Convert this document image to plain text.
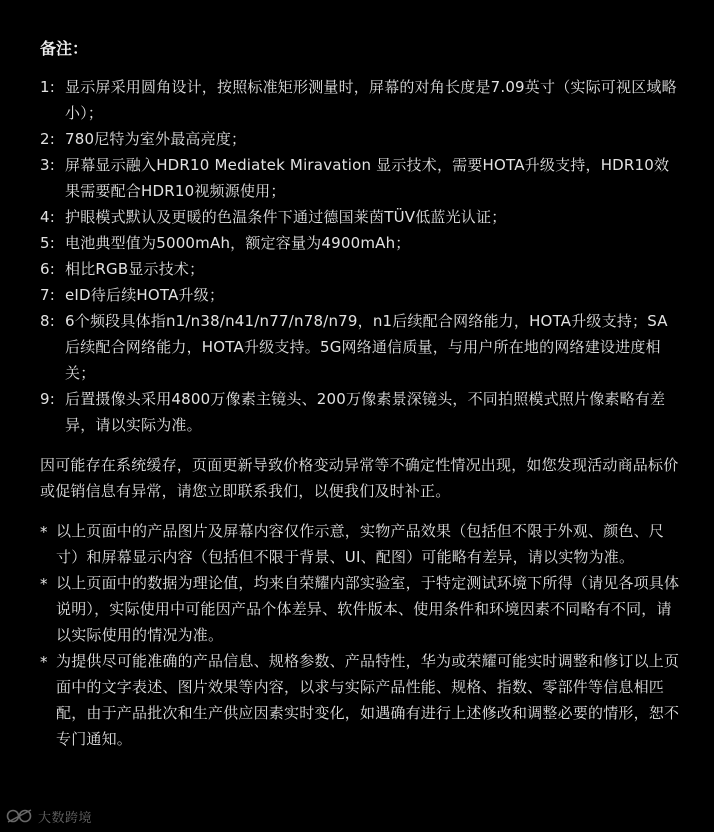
备注：
1: 显示屏采用圆角设计，按照标准矩形测量时，屏幕的对角长度是7.09英寸（实际可视区域略小）；
2: 780尼特为室外最高亮度；
3: 屏幕显示融入HDR10 Mediatek Miravation 显示技术，需要HOTA升级支持，HDR10效果需要配合HDR10视频源使用；
4: 护眼模式默认及更暖的色温条件下通过德国莱茵TÜV低蓝光认证；
5: 电池典型值为5000mAh，额定容量为4900mAh；
6: 相比RGB显示技术；
7: eID待后续HOTA升级；
8: 6个频段具体指n1/n38/n41/n77/n78/n79，n1后续配合网络能力，HOTA升级支持；SA后续配合网络能力，HOTA升级支持。5G网络通信质量，与用户所在地的网络建设进度相关；
9: 后置摄像头采用4800万像素主镜头、200万像素景深镜头，不同拍照模式照片像素略有差异，请以实际为准。

因可能存在系统缓存，页面更新导致价格变动异常等不确定性情况出现，如您发现活动商品标价或促销信息有异常，请您立即联系我们，以便我们及时补正。

* 以上页面中的产品图片及屏幕内容仅作示意，实物产品效果（包括但不限于外观、颜色、尺寸）和屏幕显示内容（包括但不限于背景、UI、配图）可能略有差异，请以实物为准。
* 以上页面中的数据为理论值，均来自荣耀内部实验室，于特定测试环境下所得（请见各项具体说明），实际使用中可能因产品个体差异、软件版本、使用条件和环境因素不同略有不同，请以实际使用的情况为准。
* 为提供尽可能准确的产品信息、规格参数、产品特性，华为或荣耀可能实时调整和修订以上页面中的文字表述、图片效果等内容，以求与实际产品性能、规格、指数、零部件等信息相匹配，由于产品批次和生产供应因素实时变化，如遇确有进行上述修改和调整必要的情形，恕不专门通知。
大数跨境
